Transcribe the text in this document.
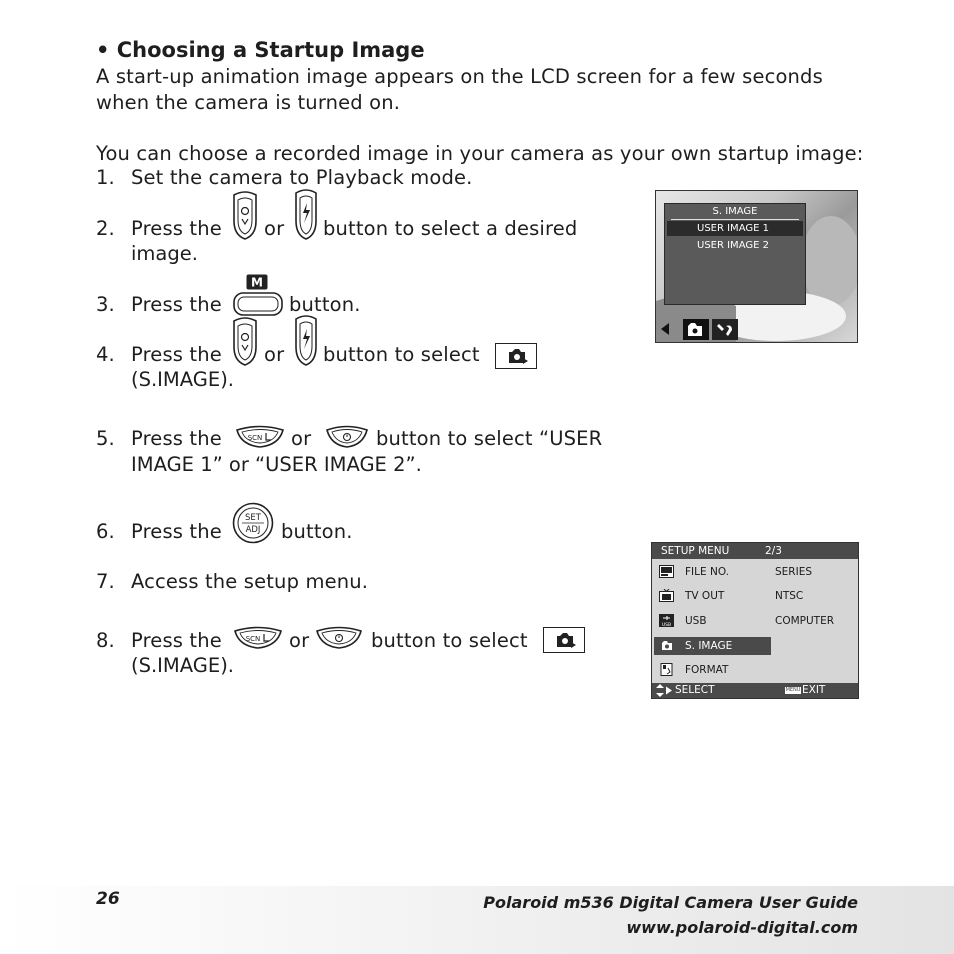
• Choosing a Startup Image
A start-up animation image appears on the LCD screen for a few seconds
when the camera is turned on.
You can choose a recorded image in your camera as your own startup image:
1. Set the camera to Playback mode.
2. Press the or button to select a desired
image.
M
3. Press the	button.
4. Press the or button to select
(S.IMAGE).
5. Press the	or	button to select “USER
SCN
IMAGE 1” or “USER IMAGE 2”.
6. Press the	button.
SET
ADJ
7. Access the setup menu.
8. Press the	or	button to select
SCN
(S.IMAGE).
S. IMAGE
USER IMAGE 1
USER IMAGE 2
SETUP MENU	2/3
FILE NO.	SERIES
TV OUT	NTSC
USB USB	COMPUTER
S. IMAGE
FORMAT
SELECT	MENU EXIT
26	Polaroid m536 Digital Camera User Guide
www.polaroid-digital.com
